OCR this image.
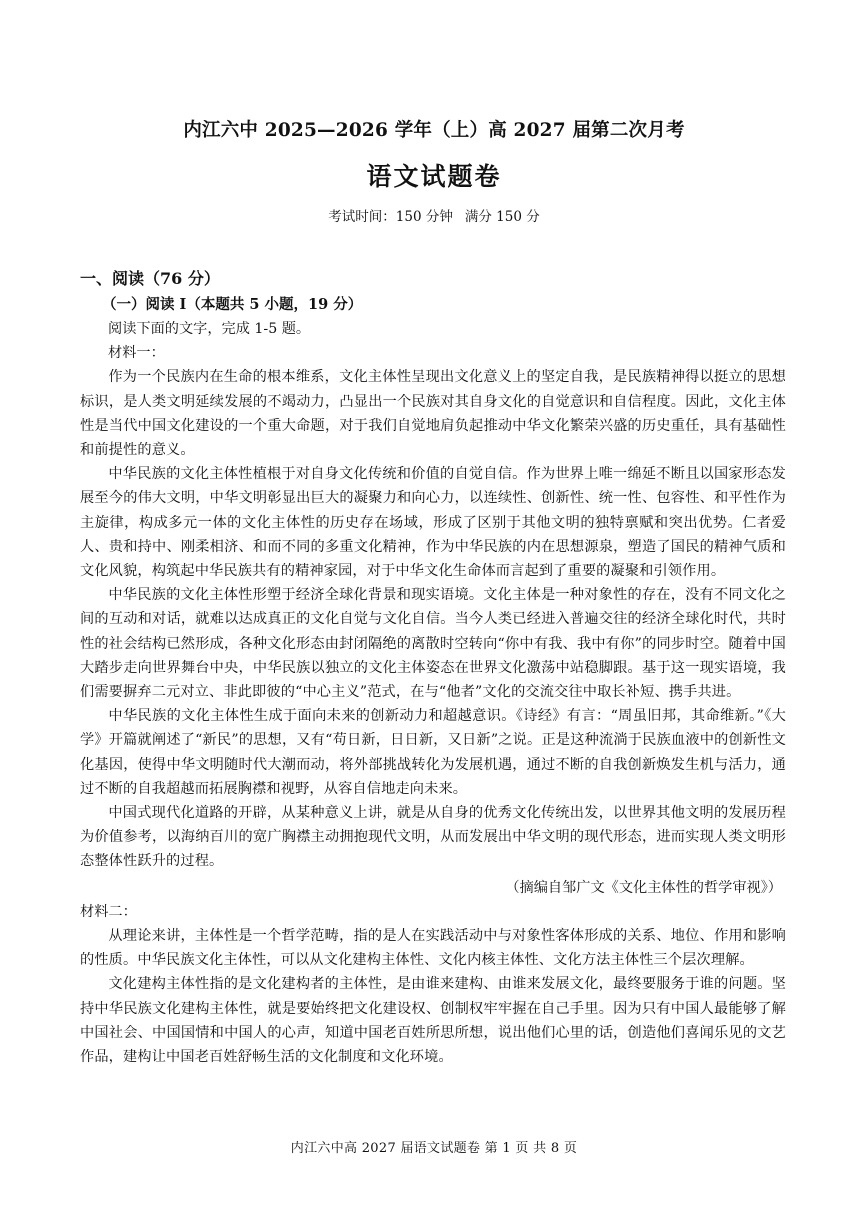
内江六中 2025—2026 学年（上）高 2027 届第二次月考
语文试题卷
考试时间：150 分钟 满分 150 分

一、阅读（76 分）

（一）阅读 I（本题共 5 小题，19 分）

阅读下面的文字，完成 1-5 题。

材料一：

作为一个民族内在生命的根本维系，文化主体性呈现出文化意义上的坚定自我，是民族精神得以挺立的思想标识，是人类文明延续发展的不竭动力，凸显出一个民族对其自身文化的自觉意识和自信程度。因此，文化主体性是当代中国文化建设的一个重大命题，对于我们自觉地肩负起推动中华文化繁荣兴盛的历史重任，具有基础性和前提性的意义。

中华民族的文化主体性植根于对自身文化传统和价值的自觉自信。作为世界上唯一绵延不断且以国家形态发展至今的伟大文明，中华文明彰显出巨大的凝聚力和向心力，以连续性、创新性、统一性、包容性、和平性作为主旋律，构成多元一体的文化主体性的历史存在场域，形成了区别于其他文明的独特禀赋和突出优势。仁者爱人、贵和持中、刚柔相济、和而不同的多重文化精神，作为中华民族的内在思想源泉，塑造了国民的精神气质和文化风貌，构筑起中华民族共有的精神家园，对于中华文化生命体而言起到了重要的凝聚和引领作用。

中华民族的文化主体性形塑于经济全球化背景和现实语境。文化主体是一种对象性的存在，没有不同文化之间的互动和对话，就难以达成真正的文化自觉与文化自信。当今人类已经进入普遍交往的经济全球化时代，共时性的社会结构已然形成，各种文化形态由封闭隔绝的离散时空转向“你中有我、我中有你”的同步时空。随着中国大踏步走向世界舞台中央，中华民族以独立的文化主体姿态在世界文化激荡中站稳脚跟。基于这一现实语境，我们需要摒弃二元对立、非此即彼的“中心主义”范式，在与“他者”文化的交流交往中取长补短、携手共进。

中华民族的文化主体性生成于面向未来的创新动力和超越意识。《诗经》有言：“周虽旧邦，其命维新。”《大学》开篇就阐述了“新民”的思想，又有“苟日新，日日新，又日新”之说。正是这种流淌于民族血液中的创新性文化基因，使得中华文明随时代大潮而动，将外部挑战转化为发展机遇，通过不断的自我创新焕发生机与活力，通过不断的自我超越而拓展胸襟和视野，从容自信地走向未来。

中国式现代化道路的开辟，从某种意义上讲，就是从自身的优秀文化传统出发，以世界其他文明的发展历程为价值参考，以海纳百川的宽广胸襟主动拥抱现代文明，从而发展出中华文明的现代形态，进而实现人类文明形态整体性跃升的过程。

（摘编自邹广文《文化主体性的哲学审视》）

材料二：

从理论来讲，主体性是一个哲学范畴，指的是人在实践活动中与对象性客体形成的关系、地位、作用和影响的性质。中华民族文化主体性，可以从文化建构主体性、文化内核主体性、文化方法主体性三个层次理解。

文化建构主体性指的是文化建构者的主体性，是由谁来建构、由谁来发展文化，最终要服务于谁的问题。坚持中华民族文化建构主体性，就是要始终把文化建设权、创制权牢牢握在自己手里。因为只有中国人最能够了解中国社会、中国国情和中国人的心声，知道中国老百姓所思所想，说出他们心里的话，创造他们喜闻乐见的文艺作品，建构让中国老百姓舒畅生活的文化制度和文化环境。

内江六中高 2027 届语文试题卷 第 1 页 共 8 页
